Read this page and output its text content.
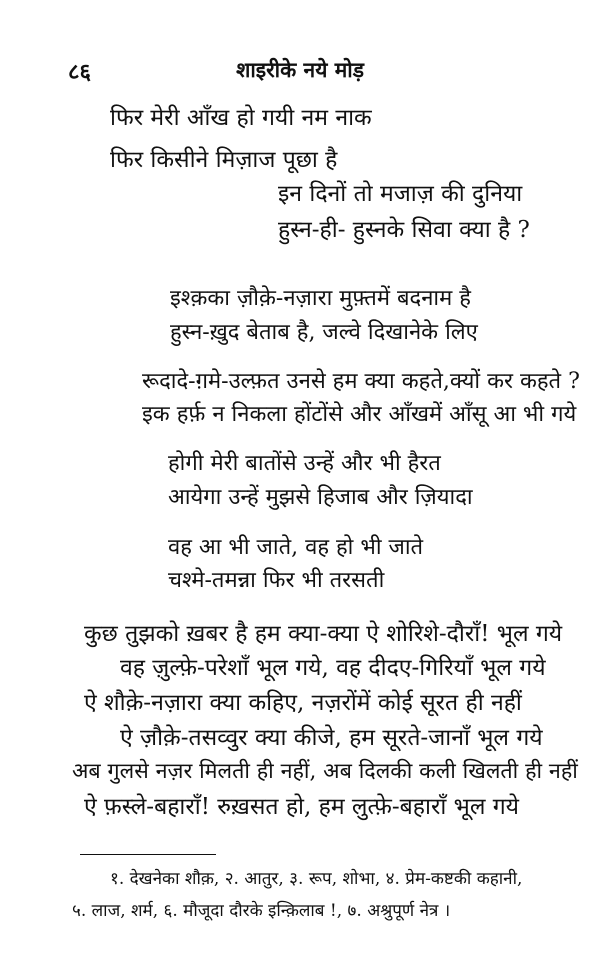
८६	शाइरीके नये मोड़
फिर मेरी आँख हो गयी नम नाक
फिर किसीने मिज़ाज पूछा है
इन दिनों तो मजाज़ की दुनिया
हुस्न-ही- हुस्नके सिवा क्या है ?
इश्क़का ज़ौक़े-नज़ारा मुफ़्तमें बदनाम है
हुस्न-ख़ुद बेताब है, जल्वे दिखानेके लिए
रूदादे-ग़मे-उल्फ़त उनसे हम क्या कहते,क्यों कर कहते ?
इक हर्फ़ न निकला होंटोंसे और आँखमें आँसू आ भी गये
होगी मेरी बातोंसे उन्हें और भी हैरत
आयेगा उन्हें मुझसे हिजाब और ज़ियादा
वह आ भी जाते, वह हो भी जाते
चश्मे-तमन्ना फिर भी तरसती
कुछ तुझको ख़बर है हम क्या-क्या ऐ शोरिशे-दौराँ! भूल गये
वह ज़ुल्फ़े-परेशाँ भूल गये, वह दीदए-गिरियाँ भूल गये
ऐ शौक़े-नज़ारा क्या कहिए, नज़रोंमें कोई सूरत ही नहीं
ऐ ज़ौक़े-तसव्वुर क्या कीजे, हम सूरते-जानाँ भूल गये
अब गुलसे नज़र मिलती ही नहीं, अब दिलकी कली खिलती ही नहीं
ऐ फ़स्ले-बहाराँ! रुख़सत हो, हम लुत्फ़े-बहाराँ भूल गये
१. देखनेका शौक़, २. आतुर, ३. रूप, शोभा, ४. प्रेम-कष्टकी कहानी,
५. लाज, शर्म, ६. मौजूदा दौरके इन्क़िलाब !, ७. अश्रुपूर्ण नेत्र ।
